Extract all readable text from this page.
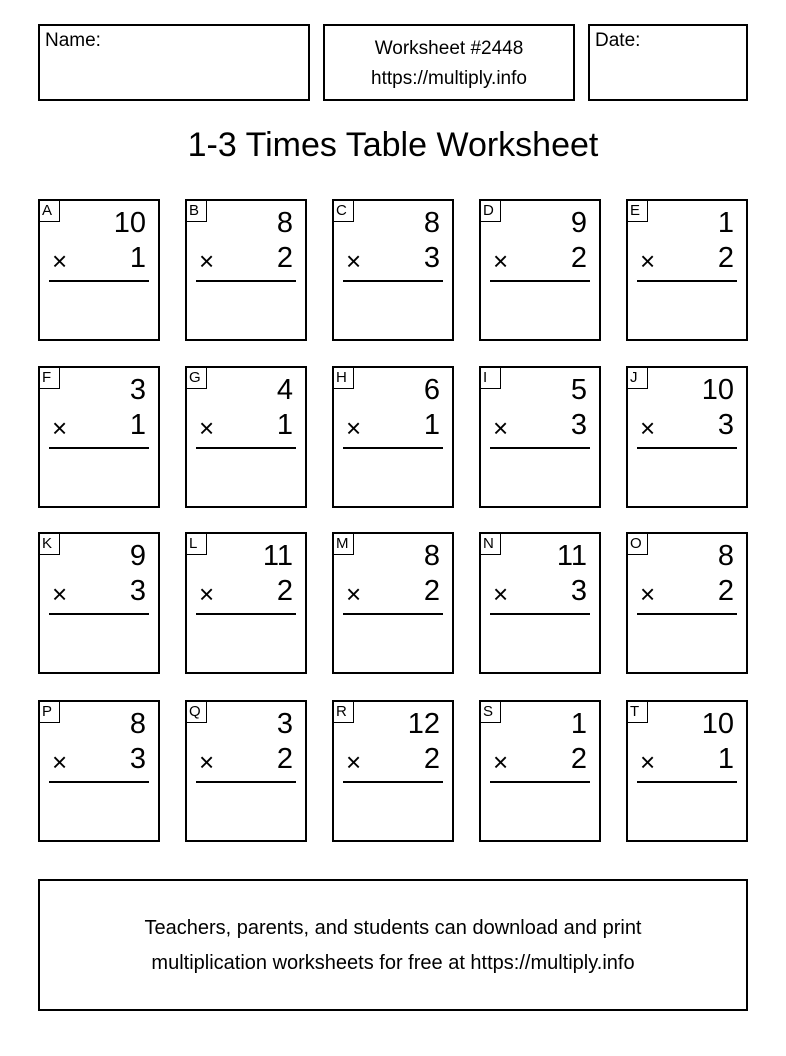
Name:	Worksheet #2448
https://multiply.info
Date:
1-3 Times Table Worksheet
A 10
× 1
B	8
× 2
C	8
× 3
D	9
× 2
E	1
× 2
F	3
× 1
G	4
× 1
H	6
× 1
I	5
× 3
J	10
× 3
K	9
× 3
L	11
× 2
M	8
× 2
N 11
× 3
O	8
× 2
P	8
× 3
Q	3
× 2
R 12
× 2
S	1
× 2
T	10
× 1
Teachers, parents, and students can download and print
multiplication worksheets for free at https://multiply.info
